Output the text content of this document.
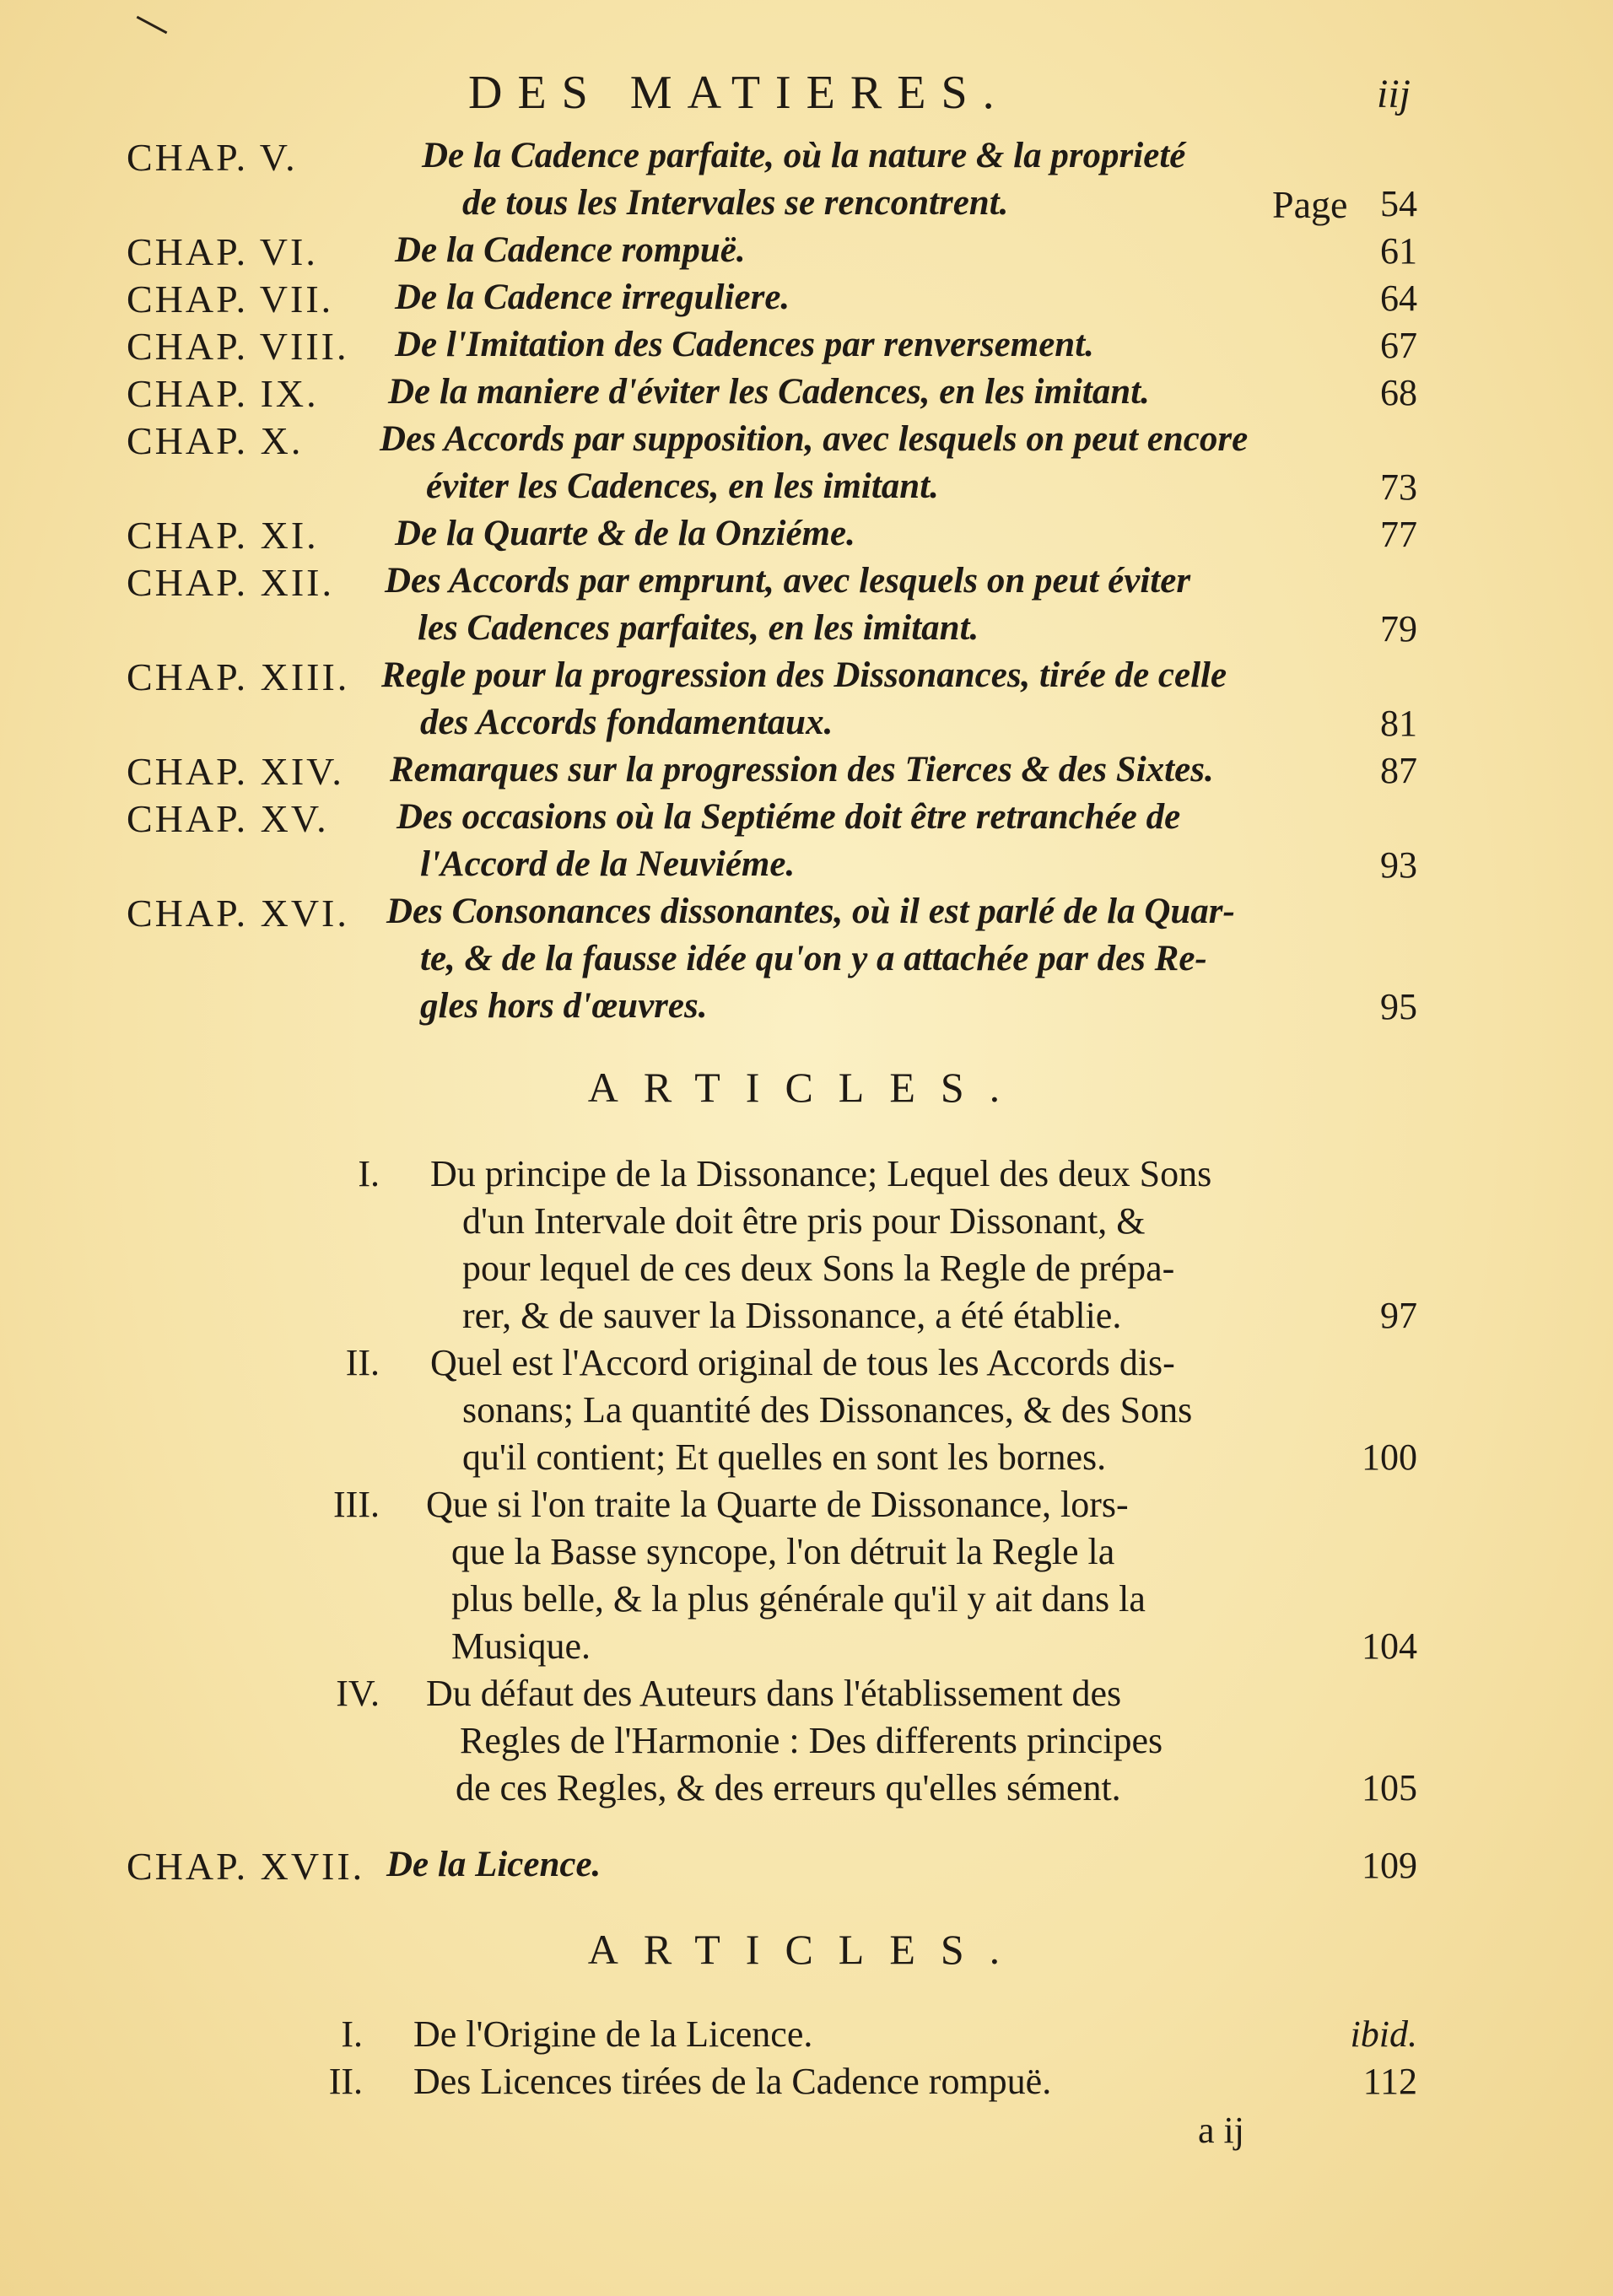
DES MATIERES.	iij
CHAP. V.	De la Cadence parfaite, où la nature & la proprieté
de tous les Intervales se rencontrent.	Page 54
CHAP. VI. De la Cadence rompuë.	61
CHAP. VII. De la Cadence irreguliere.	64
CHAP. VIII. De l'Imitation des Cadences par renversement.	67
CHAP. IX. De la maniere d'éviter les Cadences, en les imitant.	68
CHAP. X. Des Accords par supposition, avec lesquels on peut encore
éviter les Cadences, en les imitant.	73
CHAP. XI. De la Quarte & de la Onziéme.	77
CHAP. XII. Des Accords par emprunt, avec lesquels on peut éviter
les Cadences parfaites, en les imitant.	79
CHAP. XIII. Regle pour la progression des Dissonances, tirée de celle
des Accords fondamentaux.	81
CHAP. XIV. Remarques sur la progression des Tierces & des Sixtes.	87
CHAP. XV. Des occasions où la Septiéme doit être retranchée de
l'Accord de la Neuviéme.	93
CHAP. XVI. Des Consonances dissonantes, où il est parlé de la Quar-
te, & de la fausse idée qu'on y a attachée par des Re-
gles hors d'œuvres.	95
ARTICLES.
I. Du principe de la Dissonance; Lequel des deux Sons
d'un Intervale doit être pris pour Dissonant, &
pour lequel de ces deux Sons la Regle de prépa-
rer, & de sauver la Dissonance, a été établie.	97
II. Quel est l'Accord original de tous les Accords dis-
sonans; La quantité des Dissonances, & des Sons
qu'il contient; Et quelles en sont les bornes.	100
III. Que si l'on traite la Quarte de Dissonance, lors-
que la Basse syncope, l'on détruit la Regle la
plus belle, & la plus générale qu'il y ait dans la
Musique.	104
IV. Du défaut des Auteurs dans l'établissement des
Regles de l'Harmonie : Des differents principes
de ces Regles, & des erreurs qu'elles sément.	105
CHAP. XVII. De la Licence.	109
ARTICLES.
I. De l'Origine de la Licence.	ibid.
II. Des Licences tirées de la Cadence rompuë.	112
a ij
